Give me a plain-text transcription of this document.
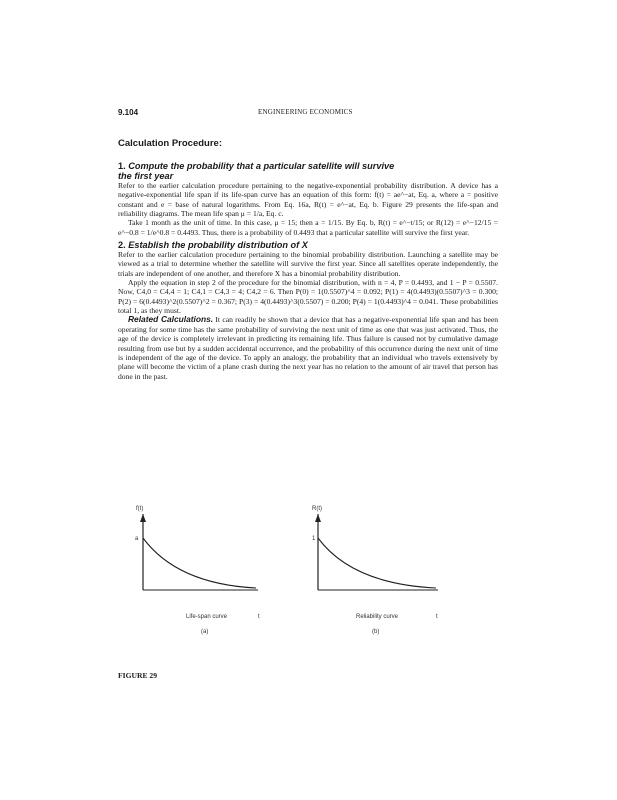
9.104	ENGINEERING ECONOMICS
Calculation Procedure:
1. Compute the probability that a particular satellite will survive
the first year

Refer to the earlier calculation procedure pertaining to the negative-exponential probability distribution. A device has a negative-exponential life span if its life-span curve has an equation of this form: f(t) = ae^−at, Eq. a, where a = positive constant and e = base of natural logarithms. From Eq. 16a, R(t) = e^−at, Eq. b. Figure 29 presents the life-span and reliability diagrams. The mean life span μ = 1/a, Eq. c.

Take 1 month as the unit of time. In this case, μ = 15; then a = 1/15. By Eq. b, R(t) = e^−t/15; or R(12) = e^−12/15 = e^−0.8 = 1/e^0.8 = 0.4493. Thus, there is a probability of 0.4493 that a particular satellite will survive the first year.

2. Establish the probability distribution of X

Refer to the earlier calculation procedure pertaining to the binomial probability distribution. Launching a satellite may be viewed as a trial to determine whether the satellite will survive the first year. Since all satellites operate independently, the trials are independent of one another, and therefore X has a binomial probability distribution.

Apply the equation in step 2 of the procedure for the binomial distribution, with n = 4, P = 0.4493, and 1 − P = 0.5507. Now, C4,0 = C4,4 = 1; C4,1 = C4,3 = 4; C4,2 = 6. Then P(0) = 1(0.5507)^4 = 0.092; P(1) = 4(0.4493)(0.5507)^3 = 0.300; P(2) = 6(0.4493)^2(0.5507)^2 = 0.367; P(3) = 4(0.4493)^3(0.5507) = 0.200; P(4) = 1(0.4493)^4 = 0.041. These probabilities total 1, as they must.

Related Calculations. It can readily be shown that a device that has a negative-exponential life span and has been operating for some time has the same probability of surviving the next unit of time as one that was just activated. Thus, the age of the device is completely irrelevant in predicting its remaining life. Thus failure is caused not by cumulative damage resulting from use but by a sudden accidental occurrence, and the probability of this occurrence during the next unit of time is independent of the age of the device. To apply an analogy, the probability that an individual who travels extensively by plane will become the victim of a plane crash during the next year has no relation to the amount of air travel that person has done in the past.

f(t)
a
t
Life-span curve
(a)
R(t)
1
t
Reliability curve
(b)
FIGURE 29
